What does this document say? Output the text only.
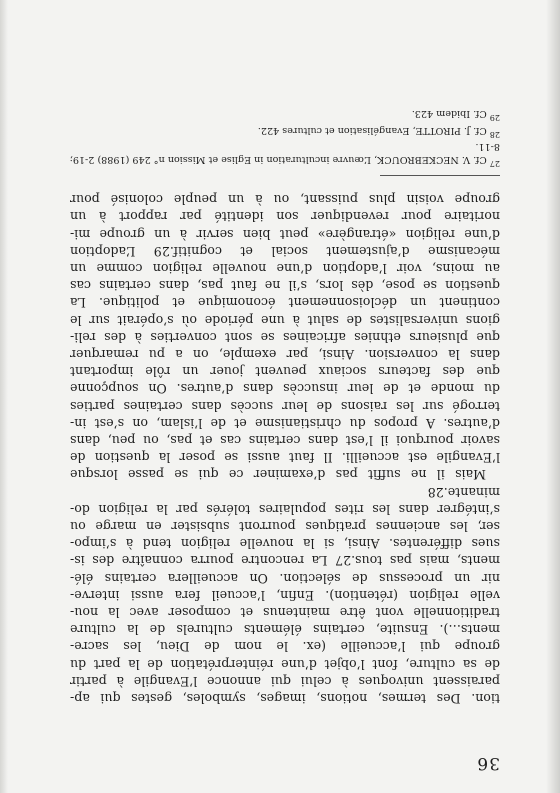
36
tion. Des termes, notions, images, symboles, gestes qui ap-
paraissent univoques à celui qui annonce l’Evangile à partir
de sa culture, font l’objet d’une réinterprétation de la part du
groupe qui l’accueille (ex. le nom de Dieu, les sacre-
ments…). Ensuite, certains éléments culturels de la culture
traditionnelle vont être maintenus et composer avec la nou-
velle religion (rétention). Enfin, l’accueil fera aussi interve-
nir un processus de sélection. On accueillera certains élé-
ments, mais pas tous.27 La rencontre pourra connaître des is-
sues différentes. Ainsi, si la nouvelle religion tend à s’impo-
ser, les anciennes pratiques pourront subsister en marge ou
s’intégrer dans les rites populaires tolérés par la religion do-
minante.28
Mais il ne suffit pas d’examiner ce qui se passe lorsque
l’Evangile est accueilli. Il faut aussi se poser la question de
savoir pourquoi il l’est dans certains cas et pas, ou peu, dans
d’autres. A propos du christianisme et de l’islam, on s’est in-
terrogé sur les raisons de leur succès dans certaines parties
du monde et de leur insuccès dans d’autres. On soupçonne
que des facteurs sociaux peuvent jouer un rôle important
dans la conversion. Ainsi, par exemple, on a pu remarquer
que plusieurs ethnies africaines se sont converties à des reli-
gions universalistes de salut à une période où s’opérait sur le
continent un décloisonnement économique et politique. La
question se pose, dès lors, s’il ne faut pas, dans certains cas
au moins, voir l’adoption d’une nouvelle religion comme un
mécanisme d’ajustement social et cognitif.29 L’adoption
d’une religion «étrangère» peut bien servir à un groupe mi-
noritaire pour revendiquer son identité par rapport à un
groupe voisin plus puissant, ou à un peuple colonisé pour
$^{27}$ Cf. V. NECKEBROUCK, L’œuvre inculturation in Eglise et Mission n° 249 (1988) 2-19;
8-11.
$^{28}$ Cf. J. PIROTTE, Evangélisation et cultures 422.
$^{29}$ Cf. Ibidem 423.
